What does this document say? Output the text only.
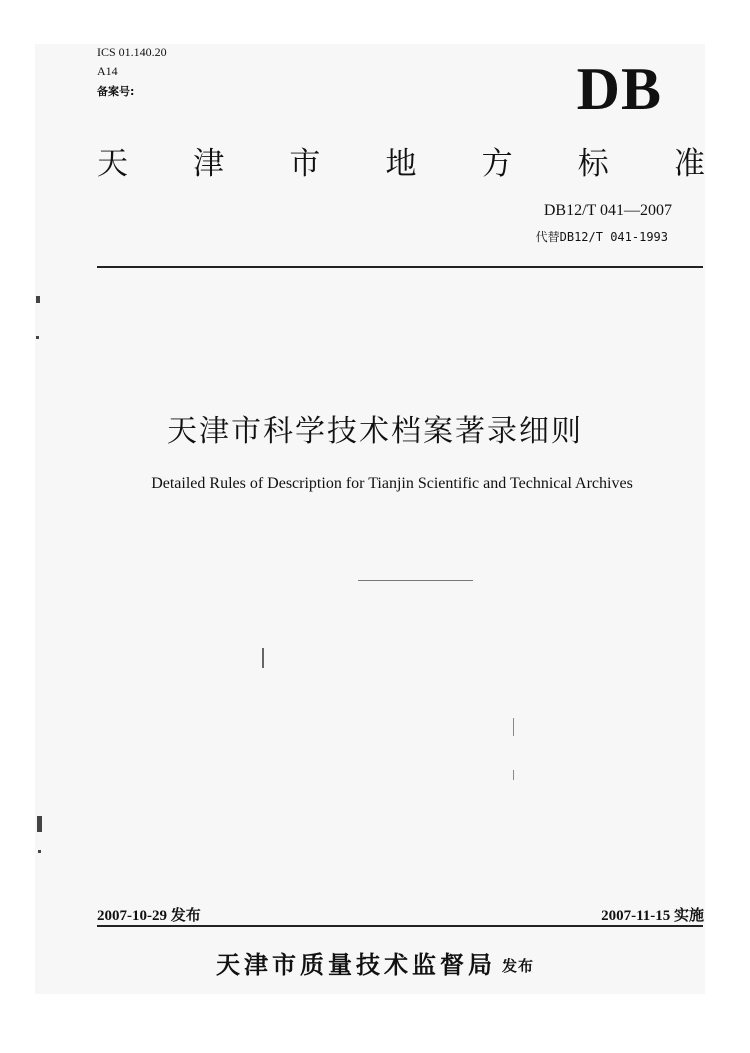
ICS 01.140.20
A14
备案号:	DB
天 津 市 地 方 标 准
DB12/T 041—2007
代替DB12/T 041-1993
天津市科学技术档案著录细则
Detailed Rules of Description for Tianjin Scientific and Technical Archives
2007-10-29 发布	2007-11-15 实施
天津市质量技术监督局 发布
